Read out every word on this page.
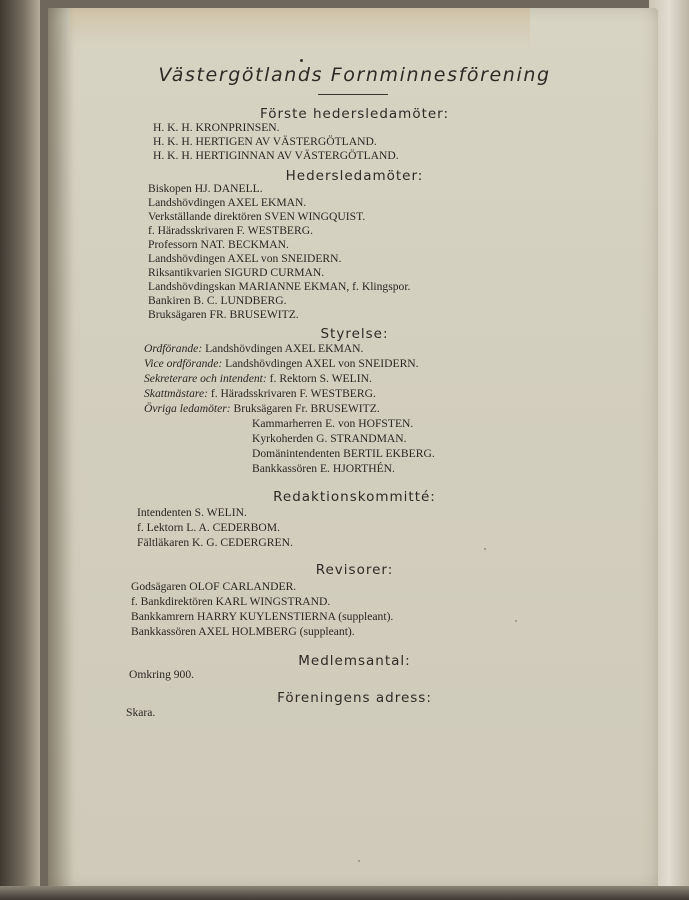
Västergötlands Fornminnesförening
Förste hedersledamöter:
H. K. H. KRONPRINSEN.
H. K. H. HERTIGEN AV VÄSTERGÖTLAND.
H. K. H. HERTIGINNAN AV VÄSTERGÖTLAND.
Hedersledamöter:
Biskopen HJ. DANELL.
Landshövdingen AXEL EKMAN.
Verkställande direktören SVEN WINGQUIST.
f. Häradsskrivaren F. WESTBERG.
Professorn NAT. BECKMAN.
Landshövdingen AXEL von SNEIDERN.
Riksantikvarien SIGURD CURMAN.
Landshövdingskan MARIANNE EKMAN, f. Klingspor.
Bankiren B. C. LUNDBERG.
Bruksägaren FR. BRUSEWITZ.
Styrelse:
Ordförande: Landshövdingen AXEL EKMAN.
Vice ordförande: Landshövdingen AXEL von SNEIDERN.
Sekreterare och intendent: f. Rektorn S. WELIN.
Skattmästare: f. Häradsskrivaren F. WESTBERG.
Övriga ledamöter: Bruksägaren Fr. BRUSEWITZ.
Kammarherren E. von HOFSTEN.
Kyrkoherden G. STRANDMAN.
Domänintendenten BERTIL EKBERG.
Bankkassören E. HJORTHÉN.
Redaktionskommitté:
Intendenten S. WELIN.
f. Lektorn L. A. CEDERBOM.
Fältläkaren K. G. CEDERGREN.
Revisorer:
Godsägaren OLOF CARLANDER.
f. Bankdirektören KARL WINGSTRAND.
Bankkamrern HARRY KUYLENSTIERNA (suppleant).
Bankkassören AXEL HOLMBERG (suppleant).
Medlemsantal:
Omkring 900.
Föreningens adress:
Skara.
